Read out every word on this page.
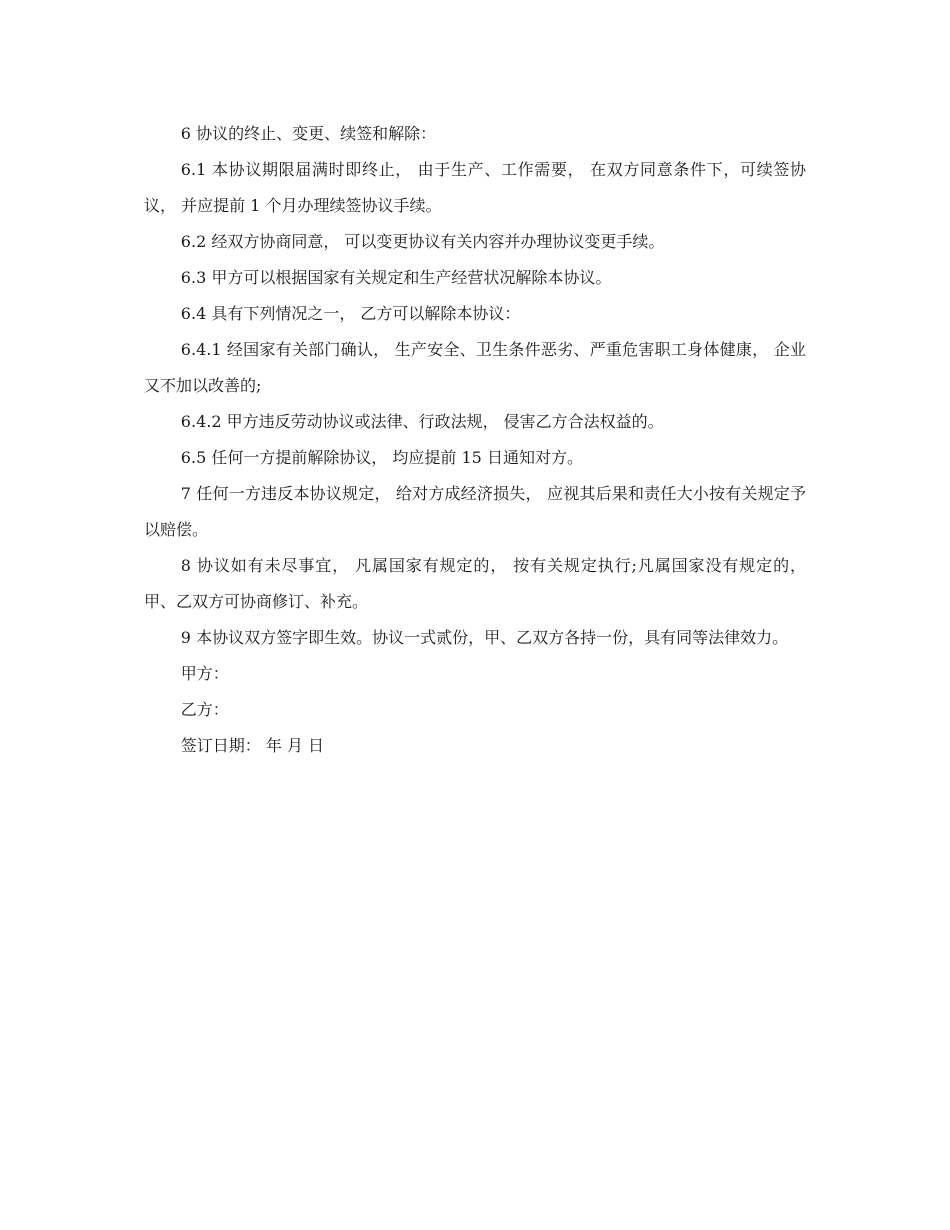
6 协议的终止、变更、续签和解除：

6.1 本协议期限届满时即终止， 由于生产、工作需要， 在双方同意条件下，可续签协议， 并应提前 1 个月办理续签协议手续。

6.2 经双方协商同意， 可以变更协议有关内容并办理协议变更手续。

6.3 甲方可以根据国家有关规定和生产经营状况解除本协议。

6.4 具有下列情况之一， 乙方可以解除本协议：

6.4.1 经国家有关部门确认， 生产安全、卫生条件恶劣、严重危害职工身体健康， 企业又不加以改善的;

6.4.2 甲方违反劳动协议或法律、行政法规， 侵害乙方合法权益的。

6.5 任何一方提前解除协议， 均应提前 15 日通知对方。

7 任何一方违反本协议规定， 给对方成经济损失， 应视其后果和责任大小按有关规定予以赔偿。

8 协议如有未尽事宜， 凡属国家有规定的， 按有关规定执行;凡属国家没有规定的， 甲、乙双方可协商修订、补充。

9 本协议双方签字即生效。协议一式贰份，甲、乙双方各持一份，具有同等法律效力。

甲方：

乙方：

签订日期： 年 月 日
